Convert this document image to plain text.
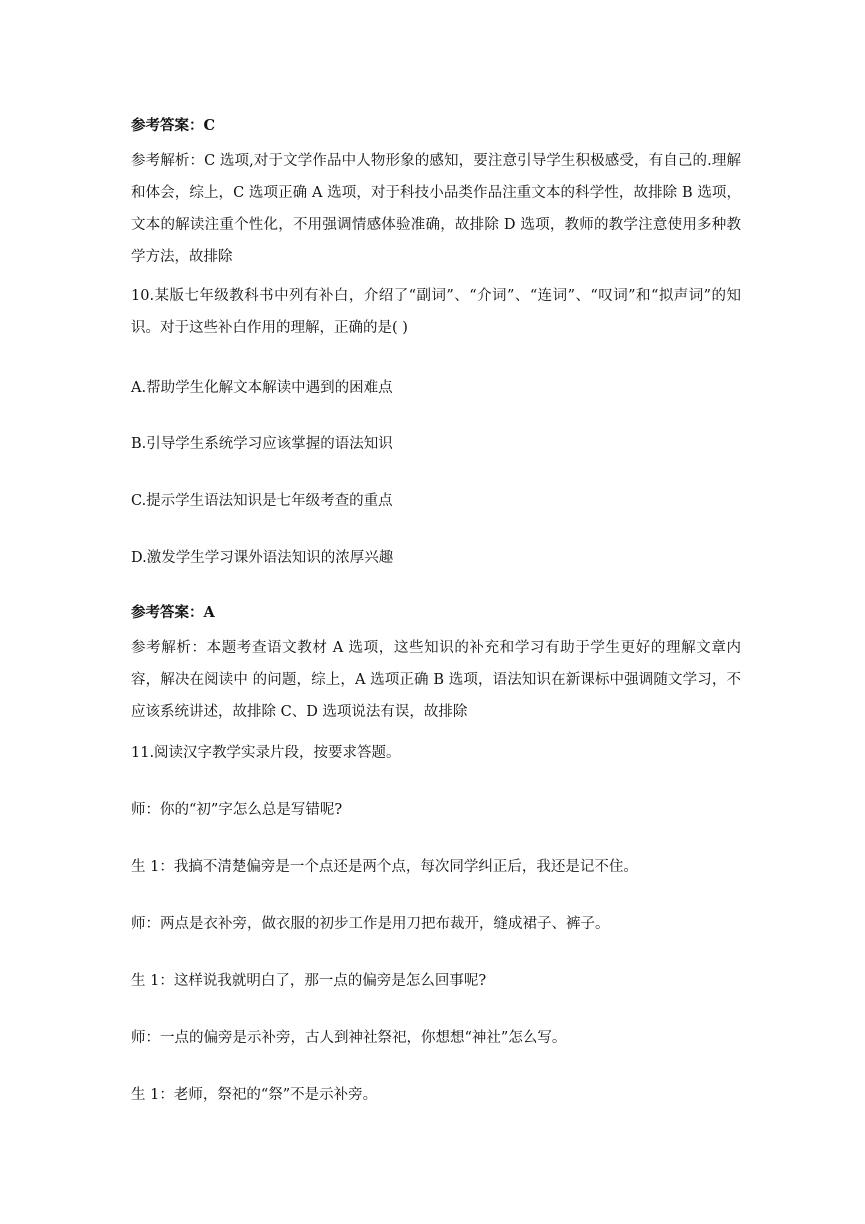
参考答案：C

参考解析：C 选项,对于文学作品中人物形象的感知，要注意引导学生积极感受，有自己的.理解和体会，综上，C 选项正确 A 选项，对于科技小品类作品注重文本的科学性，故排除 B 选项，文本的解读注重个性化，不用强调情感体验准确，故排除 D 选项，教师的教学注意使用多种教学方法，故排除

10.某版七年级教科书中列有补白，介绍了“副词”、“介词”、“连词”、“叹词”和“拟声词”的知识。对于这些补白作用的理解，正确的是( )

A.帮助学生化解文本解读中遇到的困难点

B.引导学生系统学习应该掌握的语法知识

C.提示学生语法知识是七年级考查的重点

D.激发学生学习课外语法知识的浓厚兴趣

参考答案：A

参考解析：本题考查语文教材 A 选项，这些知识的补充和学习有助于学生更好的理解文章内容，解决在阅读中 的问题，综上，A 选项正确 B 选项，语法知识在新课标中强调随文学习，不应该系统讲述，故排除 C、D 选项说法有误，故排除

11.阅读汉字教学实录片段，按要求答题。

师：你的“初”字怎么总是写错呢?

生 1：我搞不清楚偏旁是一个点还是两个点，每次同学纠正后，我还是记不住。

师：两点是衣补旁，做衣服的初步工作是用刀把布裁开，缝成裙子、裤子。

生 1：这样说我就明白了，那一点的偏旁是怎么回事呢?

师：一点的偏旁是示补旁，古人到神社祭祀，你想想“神社”怎么写。

生 1：老师，祭祀的“祭”不是示补旁。
